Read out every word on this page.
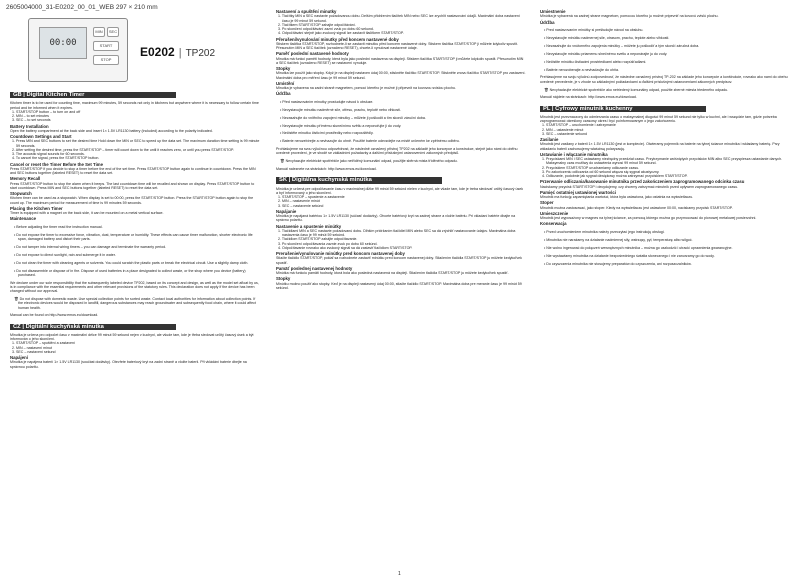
2605004000_31-E0202_00_01_WEB 297 × 210 mm
00:00
MIN	SEC
START
STOP
E0202 | TP202
GB | Digital Kitchen Timer

Kitchen timer is to be used for counting time, maximum 99 minutes, 59 seconds not only in kitchens but anywhere where it is necessary to follow certain time period and be informed when it expires.

1. START/STOP button – to turn on and off

2. MIN – to set minutes

3. SEC – to set seconds

Battery Installation

Open the battery compartment at the back side and insert 1× 1.5V LR1130 battery (included) according to the polarity indicated.

Countdown Settings and Start

1. Press MIN and SEC buttons to set the desired time Hold down the MIN or SEC to speed up the data set. The maximum duration time setting is 99 minute 59 seconds.

2. After setting the desired time, press the START/STOP – timer will count down to the until it reaches zero, or until you press START/STOP.

3. The acoustic signal sounds for 60 seconds.

4. To cancel the signal, press the START/STOP button.

Cancel or reset the Timer Before the Set Time

Press START/STOP if you decide to stop a timer before the end of the set time. Press START/STOP button again to continue in countdown. Press the MIN and SEC buttons together (labeled RESET) to reset the data set.

Memory Recall

Press START/STOP button to stop the alarm when it beeps. The last countdown time will be recalled and shown on display. Press START/STOP button to start countdown. Press MIN and SEC buttons together (labeled RESET) to reset the data set.

Stopwatch

Kitchen timer can be used as a stopwatch. When display is set to 00:00, press the START/STOP button. Press the START/STOP button again to stop the count up. The maximum period for measurement of time is 99 minutes 59 seconds.

Placing the Kitchen Timer

Timer is equipped with a magnet on the back side, it can be mounted on a metal vertical surface.

Maintenance

• Before adjusting the timer read the instruction manual.

• Do not expose the timer to excessive force, vibration, dust, temperature or humidity. These effects can cause timer malfunction, shorter electronic life span, damaged battery and distort their parts.

• Do not tamper into internal wiring timers – you can damage and terminate the warranty period.

• Do not expose to direct sunlight, rain and submerge it in water.

• Do not clean the timer with cleaning agents or solvents. You could scratch the plastic parts or break the electrical circuit. Use a slightly damp cloth.

• Do not disassemble or dispose of in fire. Dispose of used batteries in a place designated to collect waste, or the shop where you device (battery) purchased.

We declare under our sole responsibility that the subsequently labeled device TP202, based on its concept and design, as well as the model set afloat by us, is in compliance with the essential requirements and other relevant provisions of the statutory rules. This declaration does not apply if the device has been changed without our approval.

🗑 Do not dispose with domestic waste. Use special collection points for sorted waste. Contact local authorities for information about collection points. If the electronic devices would be disposed in landfill, dangerous substances may reach groundwater and subsequently food chain, where it could affect human health.

Manual can be found on http://www.emos.eu/download.

CZ | Digitální kuchyňská minutka

Minutka je určena pro odpočet času v maximální délce 99 minut 59 sekund nejen v kuchyni, ale všude tam, kde je třeba sledovat určitý časový úsek a být informován o jeho skončení.

1. START/STOP – spuštění a zastavení

2. MIN – nastavení minut

3. SEC – nastavení sekund

Napájení

Minutka je napájena baterií 1× 1.5V LR1130 (součást dodávky). Otevřete bateriový kryt na zadní straně a vložte baterii. Při vkládání baterie dbejte na správnou polaritu.

Nastavení a spuštění minutky

1. Tlačítky MIN a SEC nastavte požadovanou dobu. Delším přidržením tlačítek MIN nebo SEC lze zrychlit nastavování údajů. Maximální doba nastavení času je 99 minut 59 sekund.

2. Tlačítkem START/STOP zahajte odpočítávání.

3. Po skončení odpočítávání zazní zvuk po dobu 60 sekund.

4. Odpočítávání stejně jako zvukový signál lze zastavit tlačítkem START/STOP.

Přerušení/vynulování minutky před koncem nastavené doby

Stiskem tlačítka START/STOP, rozhodnete-li se zastavit minutku před koncem nastavené doby. Stiskem tlačítka START/STOP ji můžete kdykoliv spustit. Přesunutím MIN a SEC tlačítek (označeno RESET), chcete-li vynulovat nastavené údaje.

Paměť poslední nastavené hodnoty

Minutka má funkci paměti hodnoty, která byla jako poslední nastavena na displeji. Stiskem tlačítka START/STOP ji můžete kdykoliv spustit. Přesunutím MIN a SEC tlačítek (označeno RESET) se nastavení vynuluje.

Stopky

Minutka lze použít jako stopky. Když je na displeji nastaven údaj 00:00, stiskněte tlačítko START/STOP. Stiskněte znovu tlačítko START/STOP pro zastavení. Maximální doba pro měření času je 99 minut 59 sekund.

Umístění

Minutka je vybavena na zadní straně magnetem, pomocí kterého je možné ji připevnit na kovovou svislou plochu.

Údržba

• Před nastavováním minutky prostudujte návod k obsluze.

• Nevystavujte minutku nadměrné síle, otřesu, prachu, teplotě nebo vlhkosti.

• Nezasahujte do vnitřního zapojení minutky – můžete ji poškodit a tím skončí záruční doba.

• Nevystavujte minutku přímému slunečnímu světlu a neponořujte ji do vody.

• Nečistěte minutku čisticími prostředky nebo rozpouštědly.

• Baterie nerozebírejte a nevhazujte do ohně. Použité baterie odevzdejte na místě určeném ke zpětnému odběru.

Prohlašujeme na svou výlučnou odpovědnost, že následně označený přístroj TP202 na základě jeho koncepce a konstrukce, stejně jako námi do oběhu uvedené provedení, je ve shodě se základními požadavky a dalšími příslušnými ustanoveními zákonných předpisů.

🗑 Nevyhazujte elektrické spotřebiče jako netříděný komunální odpad, použijte sběrná místa tříděného odpadu.

Manuál naleznete na stránkách: http://www.emos.eu/download.

SK | Digitálna kuchynská minútka

Minútka je určená pre odpočítavanie času v maximálnej dĺžke 99 minút 59 sekúnd nielen v kuchyni, ale všade tam, kde je treba sledovať určitý časový úsek a byť informovaný o jeho skončení.

1. START/STOP – spustenie a zastavenie

2. MIN – nastavenie minút

3. SEC – nastavenie sekúnd

Napájanie

Minútka je napájaná batériou 1× 1.5V LR1130 (súčasť dodávky). Otvorte batériový kryt na zadnej strane a vložte batériu. Pri vkladaní batérie dbajte na správnu polaritu.

Nastavenie a spustenie minútky

1. Tlačidlami MIN a SEC nastavte požadovanú dobu. Dlhším pridržaním tlačidiel MIN alebo SEC sa dá zrýchliť nastavovanie údajov. Maximálna doba nastavenia času je 99 minút 59 sekúnd.

2. Tlačidlom START/STOP zahájte odpočítavanie.

3. Po skončení odpočítavania zaznie zvuk po dobu 60 sekúnd.

4. Odpočítavanie rovnako ako zvukový signál sa dá zastaviť tlačidlom START/STOP.

Prerušenie/vynulovanie minútky pred koncom nastavenej doby

Stlačte tlačidlo START/STOP, pokiaľ sa rozhodnete zastaviť minútku pred koncom nastavenej doby. Stlačením tlačidla START/STOP ju môžete kedykoľvek spustiť.

Pamäť poslednej nastavenej hodnoty

Minútka má funkciu pamäti hodnoty, ktorá bola ako posledná nastavená na displeji. Stlačením tlačidla START/STOP ju môžete kedykoľvek spustiť.

Stopky

Minútku možno použiť ako stopky. Keď je na displeji nastavený údaj 00:00, stlačte tlačidlo START/STOP. Maximálna doba pre meranie času je 99 minút 59 sekúnd.

Umiestnenie

Minútka je vybavená na zadnej strane magnetom, pomocou ktorého ju možné pripevniť na kovovú zvislú plochu.

Údržba

• Pred nastavovaním minútky si preštudujte návod na obsluhu.

• Nevystavujte minútku nadmernej sile, otrasom, prachu, teplote alebo vlhkosti.

• Nezasahujte do vnútorného zapojenia minútky – môžete ju poškodiť a tým skončí záručná doba.

• Nevystavujte minútku priamemu slnečnému svetlu a neponárajte ju do vody.

• Nečistite minútku čistiacimi prostriedkami alebo rozpúšťadlami.

• Batérie nerozoberajte a nevhadzujte do ohňa.

Prehlasujeme na svoju výlučnú zodpovednosť, že následne označený prístroj TP-202 na základe jeho koncepcie a konštrukcie, rovnako ako nami do obehu uvedené prevedenie, je v zhode so základnými požiadavkami a ďalšími príslušnými ustanoveniami zákonných predpisov.

🗑 Nevyhadzujte elektrické spotrebiče ako netriedený komunálny odpad, použite zberné miesta triedeného odpadu.

Manuál nájdete na stránkach: http://www.emos.eu/download.

PL | Cyfrowy minutnik kuchenny

Minutnik jest przeznaczony do odmierzania czasu o maksymalnej długości 99 minut 59 sekund nie tylko w kuchni, ale i wszędzie tam, gdzie potrzeba zaprogramować określony czasowy okres i być poinformowanym o jego zakończeniu.

1. START/STOP – uruchomienie i zatrzymanie

2. MIN – ustawienie minut

3. SEC – ustawienie sekund

Zasilanie

Minutnik jest zasilany z baterii 1× 1.5V LR1130 (jest w komplecie). Otwieramy pojemnik na baterie na tylnej ściance minutnika i wkładamy baterię. Przy wkładaniu baterii zachowujemy właściwą polaryzację.

Ustawianie i włączanie minutnika

1. Przyciskami MIN i SEC ustawiamy niezbędny przedział czasu. Przytrzymanie wciśniętych przycisków MIN albo SEC przyspiesza ustawianie danych. Maksymalny czas możliwy do ustawienia wynosi 99 minut 59 sekund.

2. Przyciskiem START/STOP uruchamiamy odliczanie czasu.

3. Po zakończeniu odliczania od 60 sekund włącza się sygnał akustyczny.

4. Odliczanie, podobnie jak sygnał dźwiękowy można zatrzymać przyciskiem START/STOP.

Przerwanie odliczania/kasowanie minutnika przed zakończeniem zaprogramowanego odcinka czasu

Naciskamy przycisk START/STOP i decydujemy, czy chcemy zatrzymać minutnik przed upływem zaprogramowanego czasu.

Pamięć ostatniej ustawionej wartości

Minutnik ma funkcję zapamiętania wartości, która była ustawiona, jako ostatnia na wyświetlaczu.

Stoper

Minutnik można zastosować, jako stoper. Kiedy na wyświetlaczu jest ustawione 00:00, naciskamy przycisk START/STOP.

Umieszczenie

Minutnik jest wyposażony w magnes na tylnej ściance, za pomocą którego można go przymocować do pionowej metalowej powierzchni.

Konserwacja

• Przed uruchomieniem minutnika należy przeczytać jego instrukcję obsługi.

• Minutnika nie narażamy na działanie nadmiernej siły, wstrząsy, pył, temperaturę albo wilgoć.

• Nie wolno ingerować do połączeń wewnętrznych minutnika – można go uszkodzić i utracić uprawnienia gwarancyjne.

• Nie wystawiamy minutnika na działanie bezpośredniego światła słonecznego i nie zanurzamy go do wody.

• Do czyszczenia minutnika nie stosujemy preparatów do czyszczenia, ani rozpuszczalników.

1
